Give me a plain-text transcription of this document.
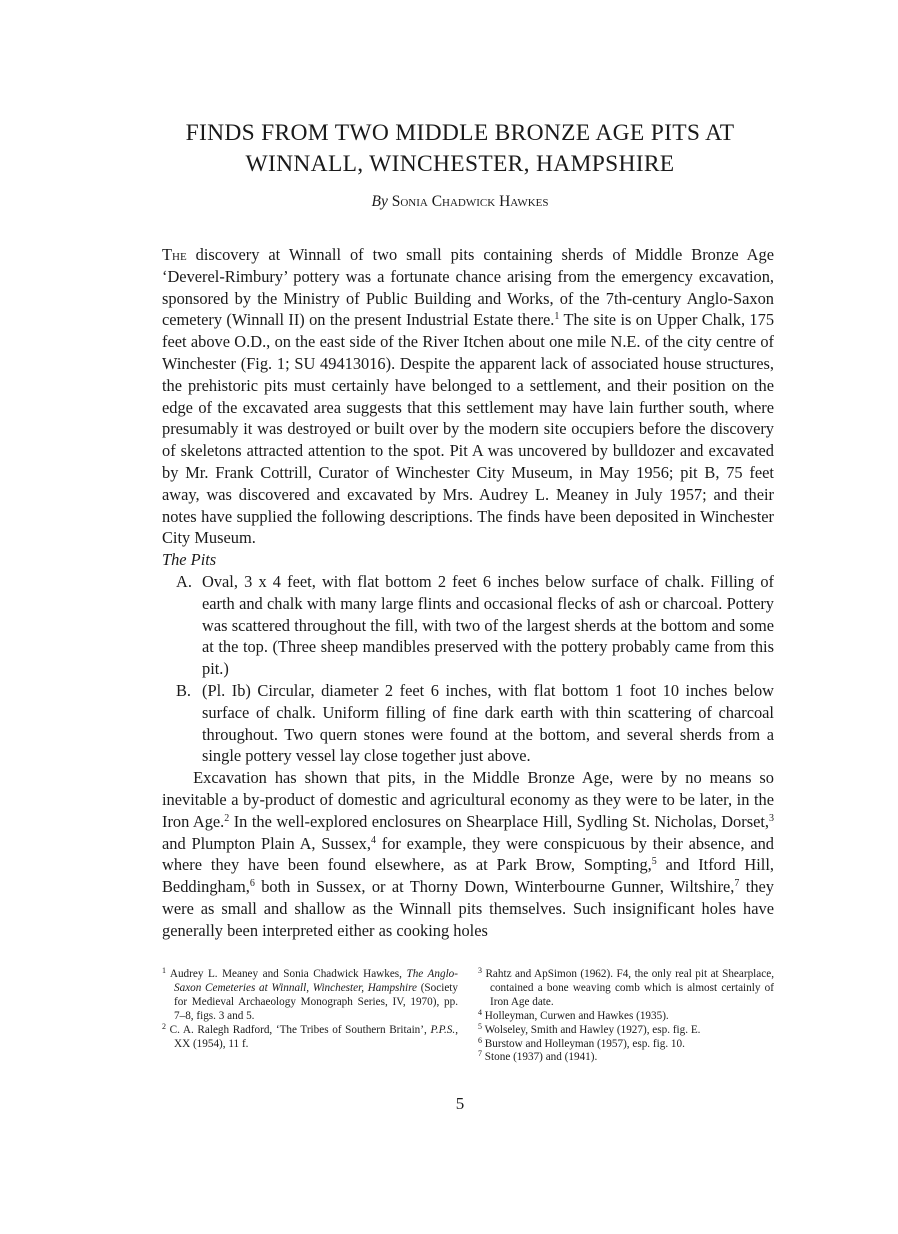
FINDS FROM TWO MIDDLE BRONZE AGE PITS AT
WINNALL, WINCHESTER, HAMPSHIRE
By Sonia Chadwick Hawkes

The discovery at Winnall of two small pits containing sherds of Middle Bronze Age ‘Deverel-Rimbury’ pottery was a fortunate chance arising from the emergency excavation, sponsored by the Ministry of Public Building and Works, of the 7th-century Anglo-Saxon cemetery (Winnall II) on the present Industrial Estate there.$^1$ The site is on Upper Chalk, 175 feet above O.D., on the east side of the River Itchen about one mile N.E. of the city centre of Winchester (Fig. 1; SU 49413016). Despite the apparent lack of associated house structures, the prehistoric pits must certainly have belonged to a settlement, and their position on the edge of the excavated area suggests that this settlement may have lain further south, where presumably it was destroyed or built over by the modern site occupiers before the discovery of skeletons attracted attention to the spot. Pit A was uncovered by bulldozer and excavated by Mr. Frank Cottrill, Curator of Winchester City Museum, in May 1956; pit B, 75 feet away, was discovered and excavated by Mrs. Audrey L. Meaney in July 1957; and their notes have supplied the following descriptions. The finds have been deposited in Winchester City Museum.

The Pits

A. Oval, 3 x 4 feet, with flat bottom 2 feet 6 inches below surface of chalk. Filling of earth and chalk with many large flints and occasional flecks of ash or charcoal. Pottery was scattered throughout the fill, with two of the largest sherds at the bottom and some at the top. (Three sheep mandibles preserved with the pottery probably came from this pit.)
B. (Pl. Ib) Circular, diameter 2 feet 6 inches, with flat bottom 1 foot 10 inches below surface of chalk. Uniform filling of fine dark earth with thin scattering of charcoal throughout. Two quern stones were found at the bottom, and several sherds from a single pottery vessel lay close together just above.

Excavation has shown that pits, in the Middle Bronze Age, were by no means so inevitable a by-product of domestic and agricultural economy as they were to be later, in the Iron Age.$^2$ In the well-explored enclosures on Shearplace Hill, Sydling St. Nicholas, Dorset,$^3$ and Plumpton Plain A, Sussex,$^4$ for example, they were conspicuous by their absence, and where they have been found elsewhere, as at Park Brow, Sompting,$^5$ and Itford Hill, Beddingham,$^6$ both in Sussex, or at Thorny Down, Winterbourne Gunner, Wiltshire,$^7$ they were as small and shallow as the Winnall pits themselves. Such insignificant holes have generally been interpreted either as cooking holes

$^1$ Audrey L. Meaney and Sonia Chadwick Hawkes, The Anglo-Saxon Cemeteries at Winnall, Winchester, Hampshire (Society for Medieval Archaeology Monograph Series, IV, 1970), pp. 7–8, figs. 3 and 5.

$^2$ C. A. Ralegh Radford, ‘The Tribes of Southern Britain’, P.P.S., XX (1954), 11 f.

$^3$ Rahtz and ApSimon (1962). F4, the only real pit at Shearplace, contained a bone weaving comb which is almost certainly of Iron Age date.

$^4$ Holleyman, Curwen and Hawkes (1935).

$^5$ Wolseley, Smith and Hawley (1927), esp. fig. E.

$^6$ Burstow and Holleyman (1957), esp. fig. 10.

$^7$ Stone (1937) and (1941).

5
